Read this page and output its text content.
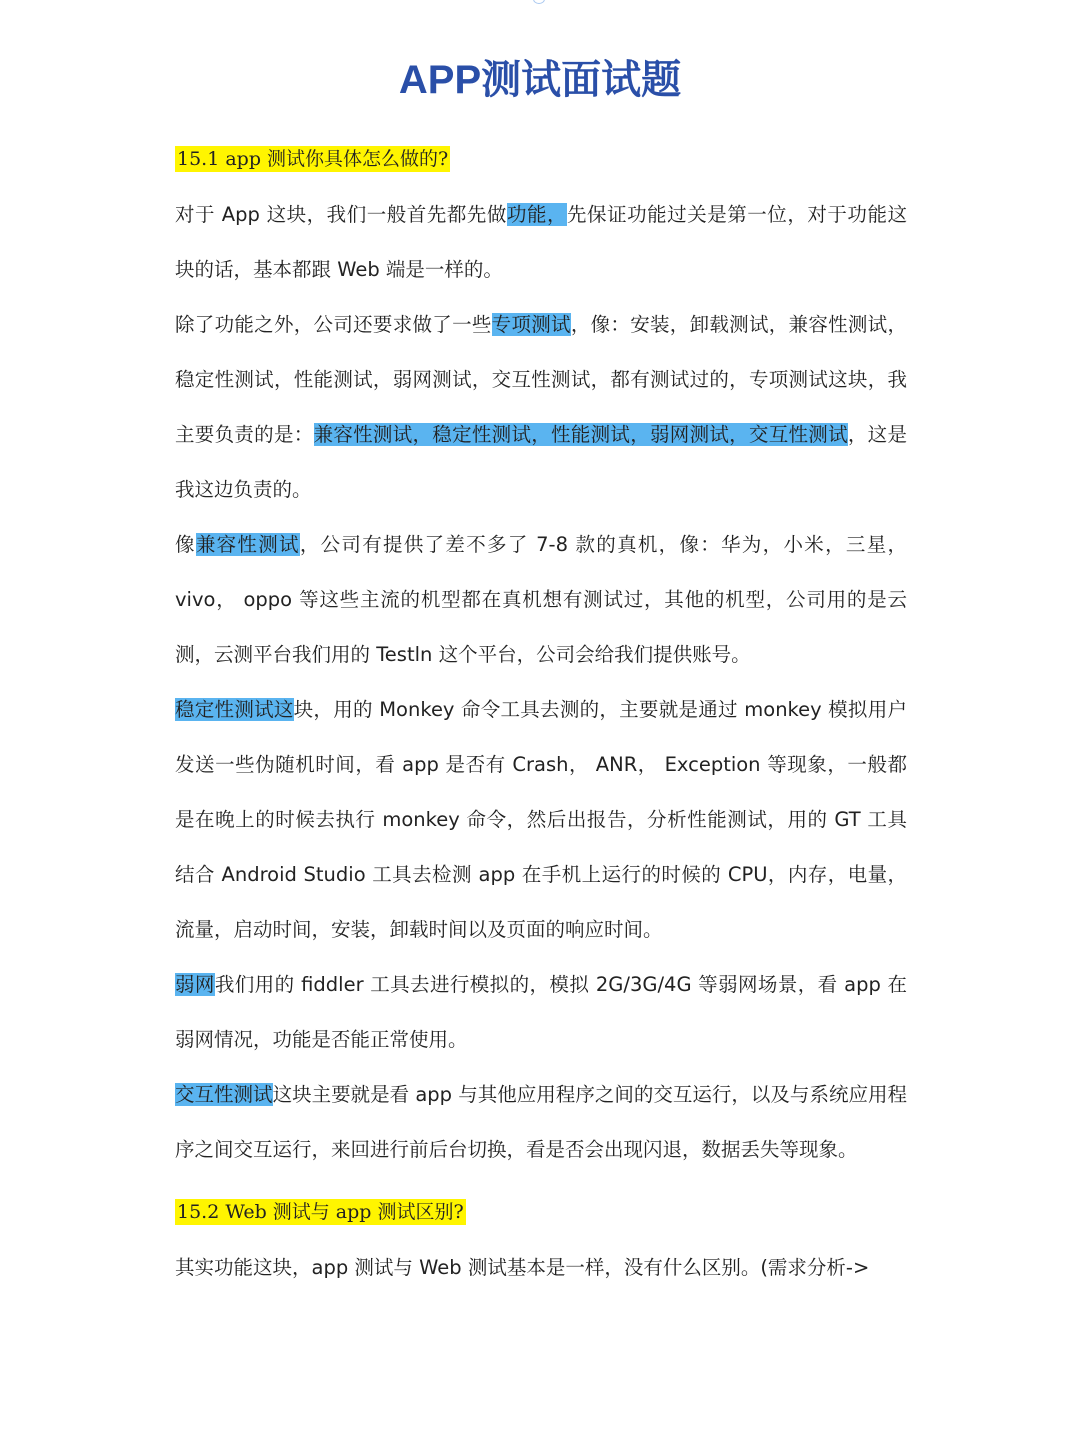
APP测试面试题
15.1 app 测试你具体怎么做的?

对于 App 这块，我们一般首先都先做功能，先保证功能过关是第一位，对于功能这块的话，基本都跟 Web 端是一样的。

除了功能之外，公司还要求做了一些专项测试，像：安装，卸载测试，兼容性测试，稳定性测试，性能测试，弱网测试，交互性测试，都有测试过的，专项测试这块，我主要负责的是：兼容性测试，稳定性测试，性能测试，弱网测试，交互性测试，这是我这边负责的。

像兼容性测试，公司有提供了差不多了 7-8 款的真机，像：华为，小米，三星，vivo， oppo 等这些主流的机型都在真机想有测试过，其他的机型，公司用的是云测，云测平台我们用的 Testln 这个平台，公司会给我们提供账号。

稳定性测试这块，用的 Monkey 命令工具去测的，主要就是通过 monkey 模拟用户发送一些伪随机时间，看 app 是否有 Crash， ANR， Exception 等现象，一般都是在晚上的时候去执行 monkey 命令，然后出报告，分析性能测试，用的 GT 工具结合 Android Studio 工具去检测 app 在手机上运行的时候的 CPU，内存，电量，流量，启动时间，安装，卸载时间以及页面的响应时间。

弱网我们用的 fiddler 工具去进行模拟的，模拟 2G/3G/4G 等弱网场景，看 app 在弱网情况，功能是否能正常使用。

交互性测试这块主要就是看 app 与其他应用程序之间的交互运行，以及与系统应用程序之间交互运行，来回进行前后台切换，看是否会出现闪退，数据丢失等现象。

15.2 Web 测试与 app 测试区别?

其实功能这块，app 测试与 Web 测试基本是一样，没有什么区别。(需求分析->
